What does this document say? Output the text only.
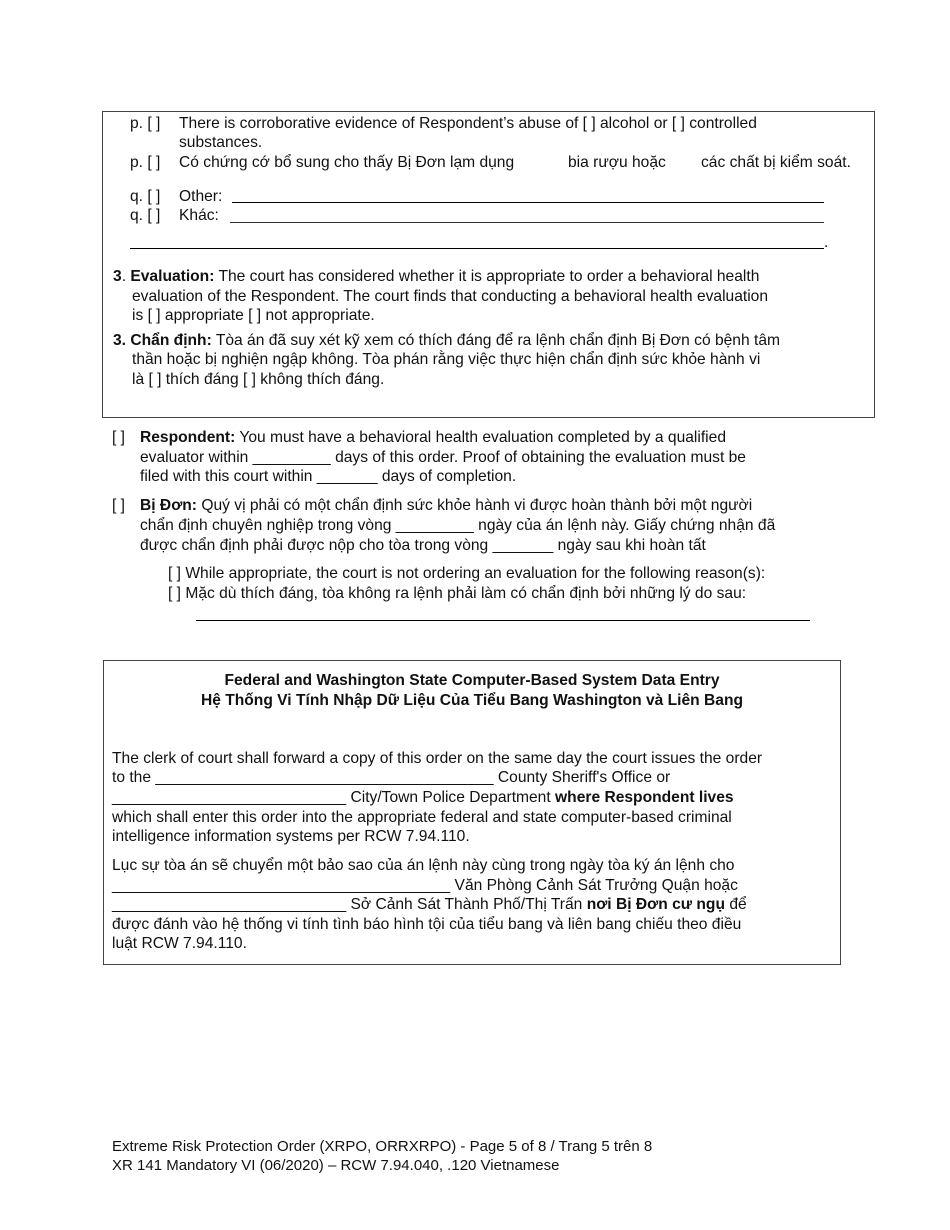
p. [ ] There is corroborative evidence of Respondent’s abuse of [ ] alcohol or [ ] controlled
substances.
p. [ ] Có chứng cớ bổ sung cho thấy Bị Đơn lạm dụng	bia rượu hoặc các chất bị kiểm soát.
q. [ ] Other:
q. [ ] Khác:
.
3. Evaluation: The court has considered whether it is appropriate to order a behavioral health
evaluation of the Respondent. The court finds that conducting a behavioral health evaluation
is [ ] appropriate [ ] not appropriate.
3. Chẩn định: Tòa án đã suy xét kỹ xem có thích đáng để ra lệnh chẩn định Bị Đơn có bệnh tâm
thần hoặc bị nghiện ngập không. Tòa phán rằng việc thực hiện chẩn định sức khỏe hành vi
là [ ] thích đáng [ ] không thích đáng.
[ ] Respondent: You must have a behavioral health evaluation completed by a qualified
evaluator within _________ days of this order. Proof of obtaining the evaluation must be
filed with this court within _______ days of completion.
[ ] Bị Đơn: Quý vị phải có một chẩn định sức khỏe hành vi được hoàn thành bởi một người
chẩn định chuyên nghiệp trong vòng _________ ngày của án lệnh này. Giấy chứng nhận đã
được chẩn định phải được nộp cho tòa trong vòng _______ ngày sau khi hoàn tất
[ ] While appropriate, the court is not ordering an evaluation for the following reason(s):
[ ] Mặc dù thích đáng, tòa không ra lệnh phải làm có chẩn định bởi những lý do sau:
Federal and Washington State Computer-Based System Data Entry
Hệ Thống Vi Tính Nhập Dữ Liệu Của Tiểu Bang Washington và Liên Bang
The clerk of court shall forward a copy of this order on the same day the court issues the order
to the _______________________________________ County Sheriff's Office or
___________________________ City/Town Police Department where Respondent lives
which shall enter this order into the appropriate federal and state computer-based criminal
intelligence information systems per RCW 7.94.110.
Lục sự tòa án sẽ chuyển một bảo sao của án lệnh này cùng trong ngày tòa ký án lệnh cho
_______________________________________ Văn Phòng Cảnh Sát Trưởng Quận hoặc
___________________________ Sở Cảnh Sát Thành Phố/Thị Trấn nơi Bị Đơn cư ngụ để
được đánh vào hệ thống vi tính tình báo hình tội của tiểu bang và liên bang chiếu theo điều
luật RCW 7.94.110.
Extreme Risk Protection Order (XRPO, ORRXRPO) - Page 5 of 8 / Trang 5 trên 8
XR 141 Mandatory VI (06/2020) – RCW 7.94.040, .120 Vietnamese
